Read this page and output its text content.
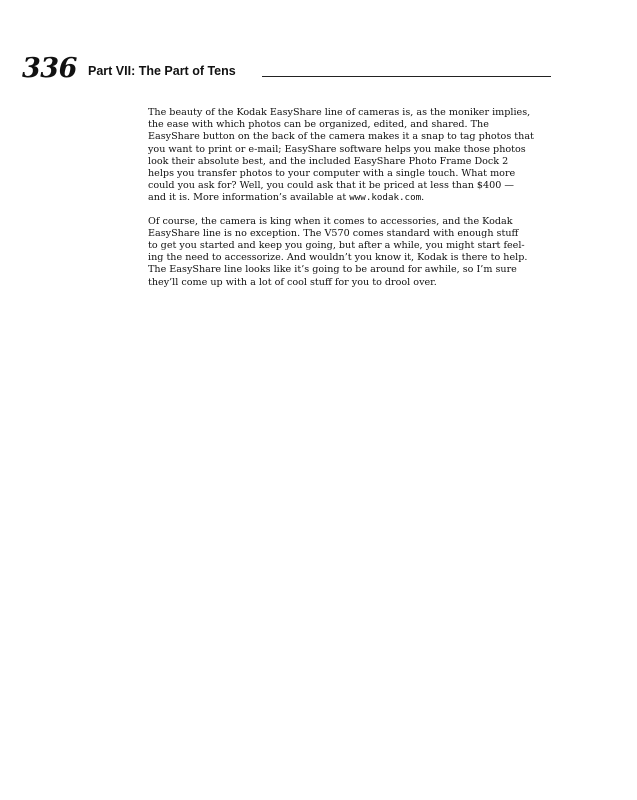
336 Part VII: The Part of Tens

The beauty of the Kodak EasyShare line of cameras is, as the moniker implies,
the ease with which photos can be organized, edited, and shared. The
EasyShare button on the back of the camera makes it a snap to tag photos that
you want to print or e-mail; EasyShare software helps you make those photos
look their absolute best, and the included EasyShare Photo Frame Dock 2
helps you transfer photos to your computer with a single touch. What more
could you ask for? Well, you could ask that it be priced at less than $400 —
and it is. More information’s available at www.kodak.com.

Of course, the camera is king when it comes to accessories, and the Kodak
EasyShare line is no exception. The V570 comes standard with enough stuff
to get you started and keep you going, but after a while, you might start feel-
ing the need to accessorize. And wouldn’t you know it, Kodak is there to help.
The EasyShare line looks like it’s going to be around for awhile, so I’m sure
they’ll come up with a lot of cool stuff for you to drool over.
